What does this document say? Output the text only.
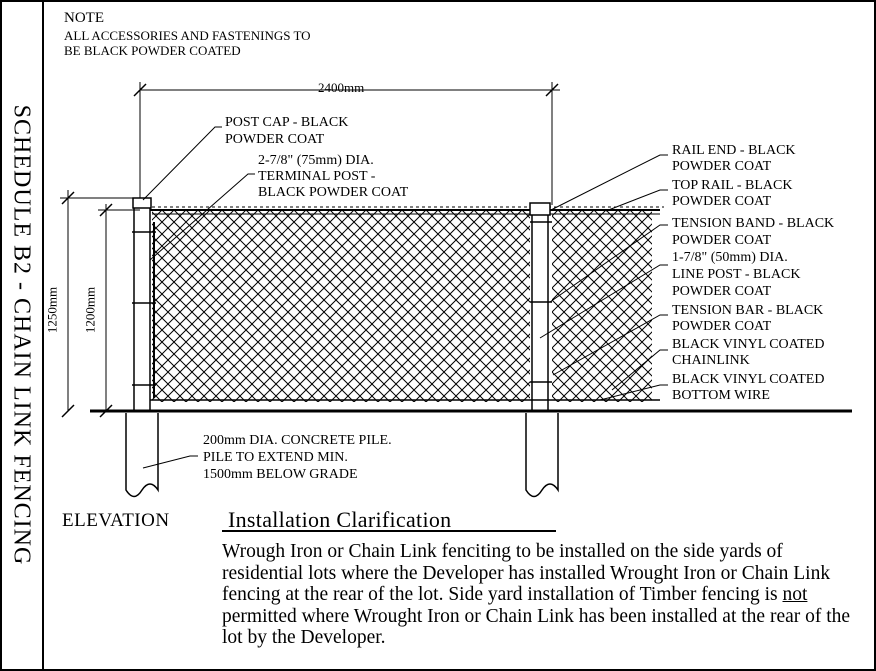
SCHEDULE B2 - CHAIN LINK FENCING
NOTE
ALL ACCESSORIES AND FASTENINGS TO
BE BLACK POWDER COATED
2400mm
1250mm 1200mm
POST CAP - BLACK
POWDER COAT
2-7/8" (75mm) DIA.
TERMINAL POST -
BLACK POWDER COAT
200mm DIA. CONCRETE PILE.
PILE TO EXTEND MIN.
1500mm BELOW GRADE
RAIL END - BLACK
POWDER COAT
TOP RAIL - BLACK
POWDER COAT
TENSION BAND - BLACK
POWDER COAT
1-7/8" (50mm) DIA.
LINE POST - BLACK
POWDER COAT
TENSION BAR - BLACK
POWDER COAT
BLACK VINYL COATED
CHAINLINK
BLACK VINYL COATED
BOTTOM WIRE
ELEVATION	Installation Clarification
Wrough Iron or Chain Link fenciting to be installed on the side yards of residential lots where the Developer has installed Wrought Iron or Chain Link fencing at the rear of the lot. Side yard installation of Timber fencing is not permitted where Wrought Iron or Chain Link has been installed at the rear of the lot by the Developer.
